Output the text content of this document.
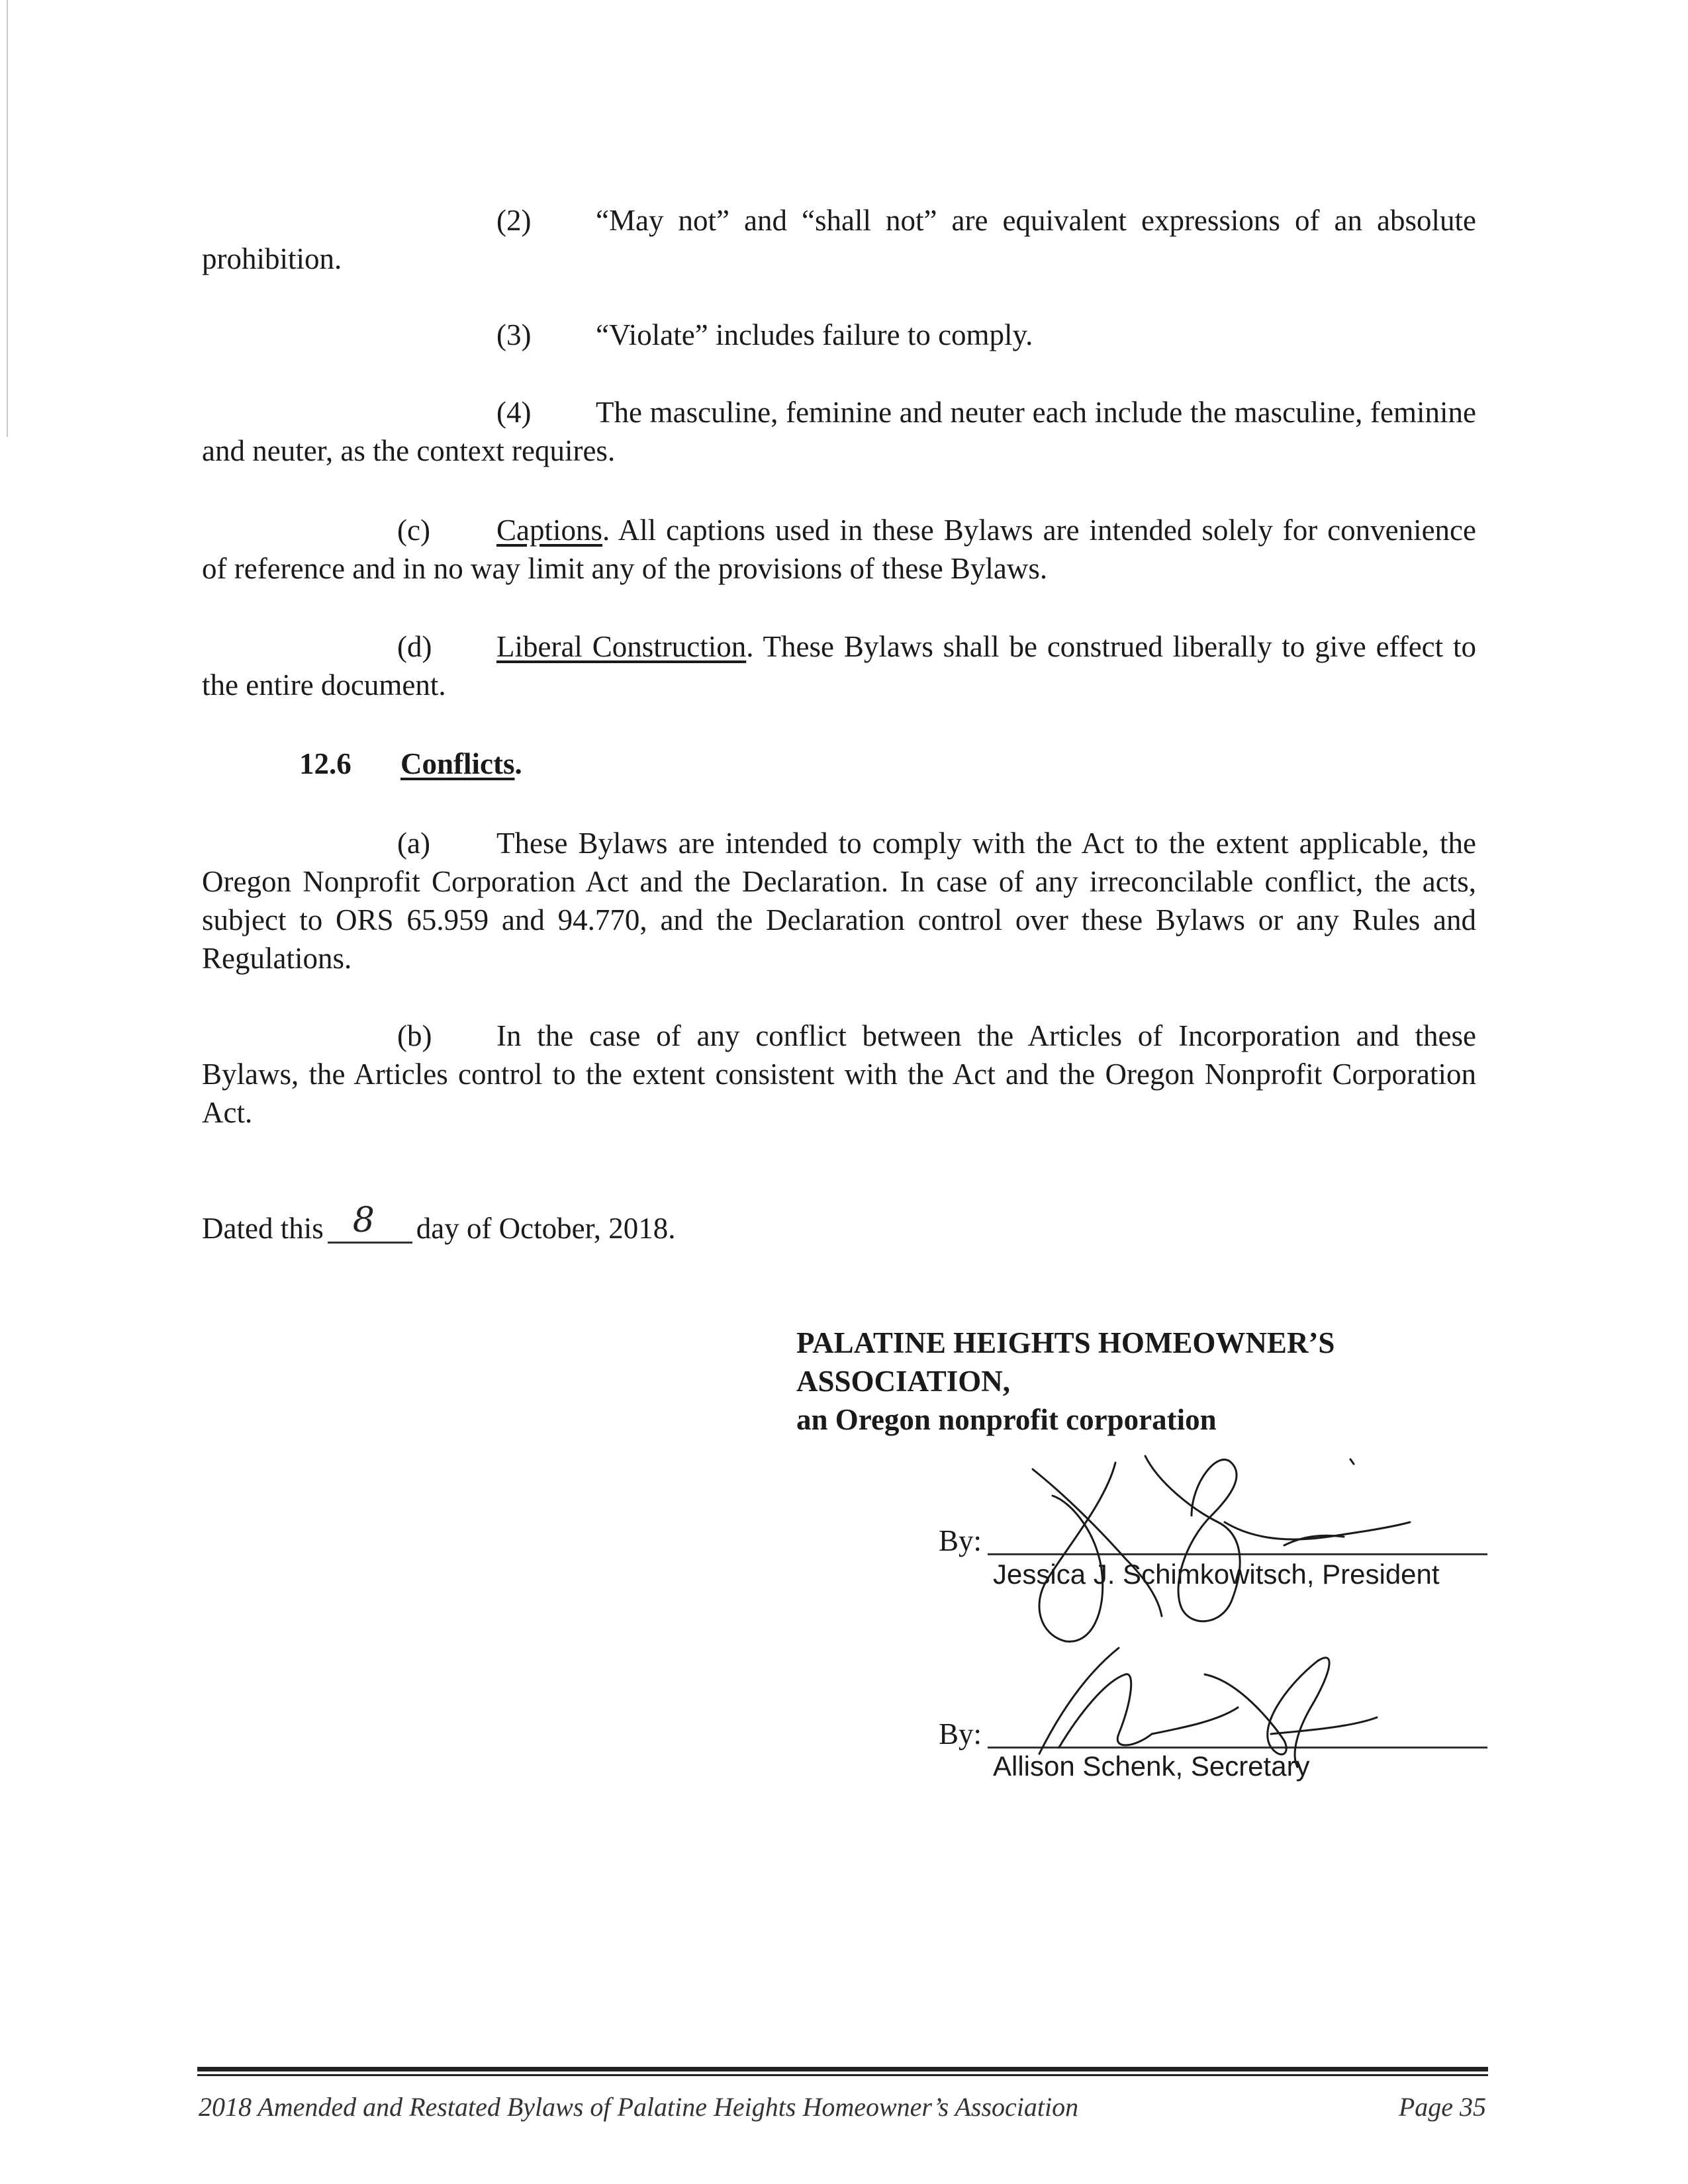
(2) “May not” and “shall not” are equivalent expressions of an absolute prohibition.
(3) “Violate” includes failure to comply.
(4) The masculine, feminine and neuter each include the masculine, feminine and neuter, as the context requires.
(c) Captions. All captions used in these Bylaws are intended solely for convenience of reference and in no way limit any of the provisions of these Bylaws.
(d) Liberal Construction. These Bylaws shall be construed liberally to give effect to the entire document.
12.6 Conflicts.
(a) These Bylaws are intended to comply with the Act to the extent applicable, the Oregon Nonprofit Corporation Act and the Declaration. In case of any irreconcilable conflict, the acts, subject to ORS 65.959 and 94.770, and the Declaration control over these Bylaws or any Rules and Regulations.
(b) In the case of any conflict between the Articles of Incorporation and these Bylaws, the Articles control to the extent consistent with the Act and the Oregon Nonprofit Corporation Act.
Dated this 8 day of October, 2018.
PALATINE HEIGHTS HOMEOWNER’S
ASSOCIATION,
an Oregon nonprofit corporation
By:
Jessica J. Schimkowitsch, President
By:
Allison Schenk, Secretary
2018 Amended and Restated Bylaws of Palatine Heights Homeowner’s Association	Page 35
